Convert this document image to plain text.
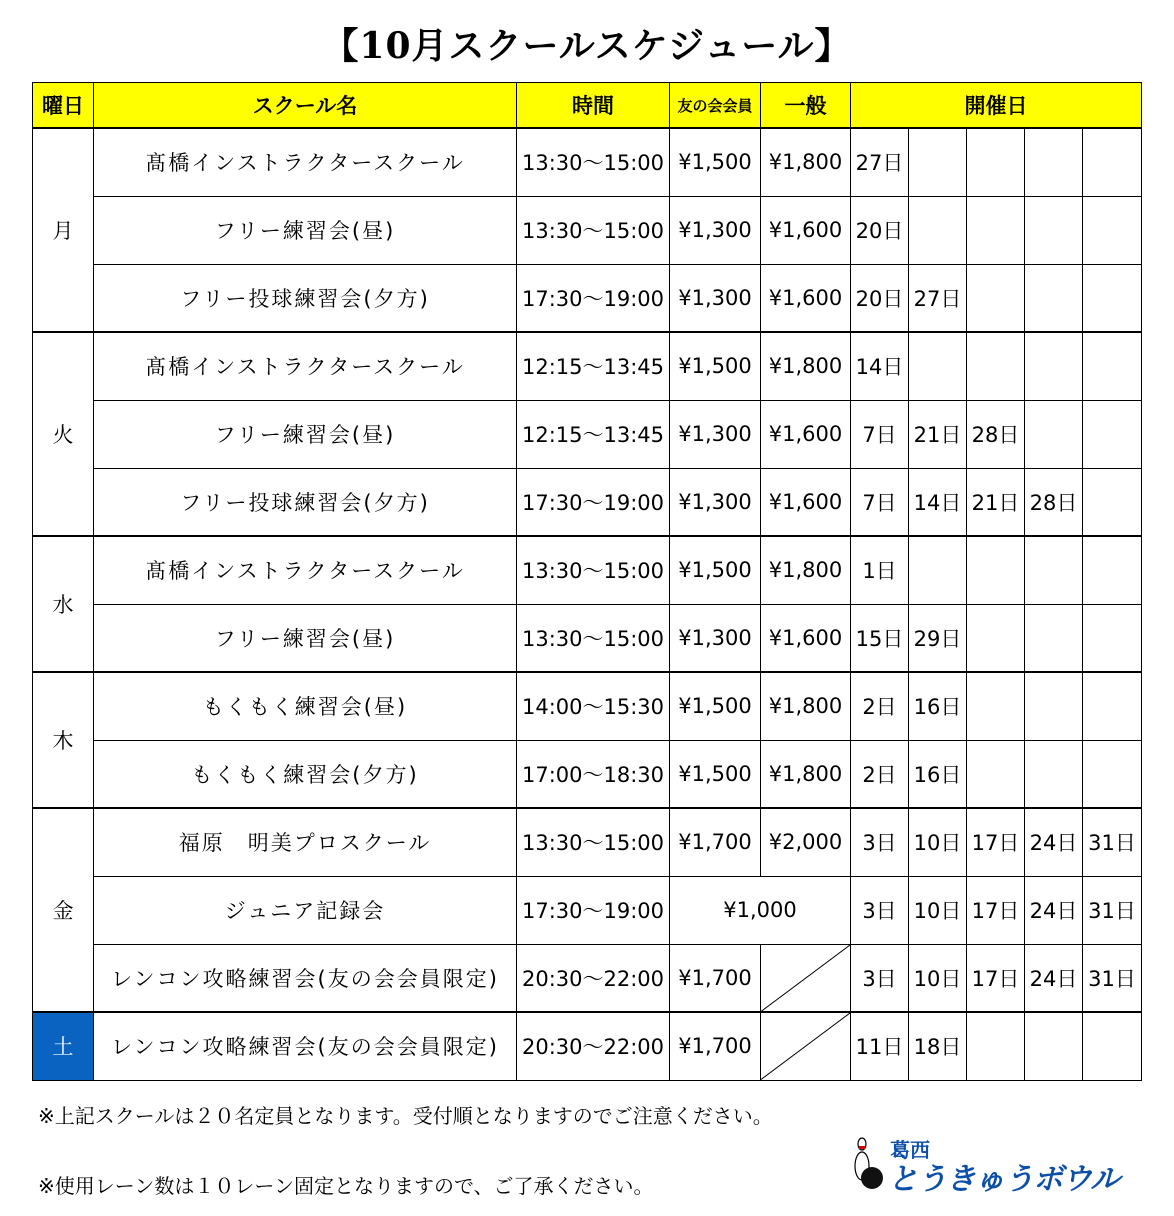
【10月スクールスケジュール】
曜日	スクール名	時間	友の会会員	一般	開催日				
月	髙橋インストラクタースクール	13:30〜15:00	¥1,500	¥1,800	27日				
	フリー練習会(昼)	13:30〜15:00	¥1,300	¥1,600	20日				
	フリー投球練習会(夕方)	17:30〜19:00	¥1,300	¥1,600	20日	27日			
火	髙橋インストラクタースクール	12:15〜13:45	¥1,500	¥1,800	14日				
	フリー練習会(昼)	12:15〜13:45	¥1,300	¥1,600	7日	21日	28日		
	フリー投球練習会(夕方)	17:30〜19:00	¥1,300	¥1,600	7日	14日	21日	28日	
水	髙橋インストラクタースクール	13:30〜15:00	¥1,500	¥1,800	1日				
	フリー練習会(昼)	13:30〜15:00	¥1,300	¥1,600	15日	29日			
木	もくもく練習会(昼)	14:00〜15:30	¥1,500	¥1,800	2日	16日			
	もくもく練習会(夕方)	17:00〜18:30	¥1,500	¥1,800	2日	16日			
金	福原　明美プロスクール	13:30〜15:00	¥1,700	¥2,000	3日	10日	17日	24日	31日
	ジュニア記録会	17:30〜19:00	¥1,000		3日	10日	17日	24日	31日
	レンコン攻略練習会(友の会会員限定)	20:30〜22:00	¥1,700		3日	10日	17日	24日	31日
土	レンコン攻略練習会(友の会会員限定)	20:30〜22:00	¥1,700		11日	18日			
※上記スクールは２０名定員となります。受付順となりますのでご注意ください。
※使用レーン数は１０レーン固定となりますので、ご了承ください。
葛西
とうきゅうボウル
